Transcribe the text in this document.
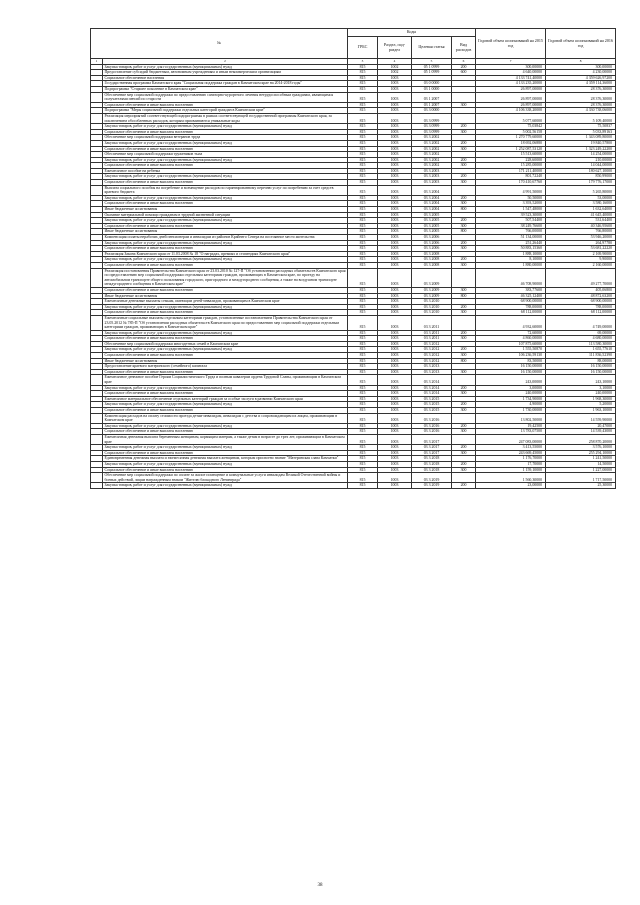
№		Коды				Годовой объем ассигнований на 2015 год	Годовой объем ассигнований на 2016 год
		ГРБС	Раздел, под-раздел	Целевая статья	Вид расходов		
1	2	3	4	5	6	7	8
	Закупка товаров, работ и услуг для государственных (муниципальных) нужд	815	1002	05 1 0999	200	300,00000	300,00000
	Предоставление субсидий бюджетным, автономным учреждениям и иным некоммерческим организациям	815	1002	05 1 0999	600	4 640,00000	4 230,00000
	Социальное обеспечение населения	815	1003			4 133 741,40000	4 359 626,97200
	Государственная программа Камчатского края "Социальная поддержка граждан в Камчатском крае на 2014-2018 годы"	815	1003	03 0 0000		4 133 235,20000	4 359 114,36000
	Подпрограмма "Старшее поколение в Камчатском крае"	815	1003	03 1 0000		26 897,00000	28 376,30000
	Обеспечение мер социальной поддержки по предоставлению санаторно-курортного лечения нетрудоспособным гражданам, являющимся получателями пенсий по старости	815	1003	03 1 2007		26 897,00000	28 376,30000
	Социальное обеспечение и иные выплаты населению	815	1003	03 1 2007	300	26 897,00000	28 376,30000
	Подпрограмма "Меры социальной поддержки отдельных категорий граждан в Камчатском крае"	815	1003	03 3 0000		4 106 338,20000	4 330 738,06000
	Реализация мероприятий соответствующей подпрограммы в рамках соответствующей государственной программы Камчатского края, за исключением обособленных расходов, которым присваиваются уникальные коды	815	1003	03 3 0999		5 077,60000	5 109,40000
	Закупка товаров, работ и услуг для государственных (муниципальных) нужд	815	1003	03 3 0999	200	75,03842	75,50837
	Социальное обеспечение и иные выплаты населению	815	1003	03 3 0999	300	5 002,56158	5 033,89163
	Обеспечение мер социальной поддержки ветеранов труда	815	1003	03 3 2002		1 270 779,60000	1 343 089,80000
	Закупка товаров, работ и услуг для государственных (муниципальных) нужд	815	1003	03 3 2002	200	18 692,06880	19 840,57800
	Социальное обеспечение и иные выплаты населению	815	1003	03 3 2002	300	1 252 087,53120	1 323 249,22200
	Обеспечение мер социальной поддержки тружеников тыла	815	1003	03 3 2002		15 513,60000	14 254,00000
	Закупка товаров, работ и услуг для государственных (муниципальных) нужд	815	1003	03 3 2002	200	228,60000	210,00000
	Социальное обеспечение и иные выплаты населению	815	1003	03 3 2002	300	15 285,00000	14 044,00000
	Ежемесячное пособие на ребенка	815	1003	03 3 2003		171 211,40000	180 627,10000
	Закупка товаров, работ и услуг для государственных (муниципальных) нужд	815	1003	03 3 2003	200	801,72240	850,99000
	Социальное обеспечение и иные выплаты населению	815	1003	03 3 2003	300	170 410,67760	179 776,17000
	Выплата социального пособия на погребение и возмещение расходов по гарантированному перечню услуг по погребению за счет средств краевого бюджета	815	1003	03 3 2004		4 991,50000	5 265,80000
	Закупка товаров, работ и услуг для государственных (муниципальных) нужд	815	1003	03 3 2004	200	50,50000	53,00000
	Социальное обеспечение и иные выплаты населению	815	1003	03 3 2004	300	3 393,52000	3 580,16000
	Иные бюджетные ассигнования	815	1003	03 3 2004	800	1 547,48000	1 632,64000
	Оказание материальной помощи гражданам в трудной жизненной ситуации	815	1003	03 3 2005		39 523,30000	41 645,40000
	Закупка товаров, работ и услуг для государственных (муниципальных) нужд	815	1003	03 3 2005	200	507,54400	531,64400
	Социальное обеспечение и иные выплаты населению	815	1003	03 3 2005	300	38 249,76600	40 346,95600
	Иные бюджетные ассигнования	815	1003	03 3 2005	800	766,00000	766,80000
	Компенсация оплаты нерабочих дней пенсионерам и инвалидам из районов Крайнего Севера на постоянное место жительства	815	1003	03 3 2006		51 134,00000	53 946,20000
	Закупка товаров, работ и услуг для государственных (муниципальных) нужд	815	1003	03 3 2006	200	251,26440	264,97780
	Социальное обеспечение и иные выплаты населению	815	1003	03 3 2006	300	50 883,15360	53 681,22220
	Реализация Закона Камчатского края от 11.03.2008 № 18 "О наградах, премиях и стипендиях Камчатского края"	815	1003	03 3 2008		1 888,10000	2 169,90000
	Закупка товаров, работ и услуг для государственных (муниципальных) нужд	815	1003	03 3 2008	200	8,10000	9,90000
	Социальное обеспечение и иные выплаты населению	815	1003	03 3 2008	300	1 880,00000	2 160,00000
	Реализация постановления Правительства Камчатского края от 23.03.2010 № 127-П "Об установлении расходных обязательств Камчатского края по предоставлению мер социальной поддержки отдельным категориям граждан, проживающих в Камчатском крае, по проезду на автомобильном транспорте общего пользования городского, пригородного и междугороднего сообщения, а также на воздушном транспорте междугороднего сообщения в Камчатском крае"	815	1003	03 3 2009		46 708,90000	49 277,70000
	Социальное обеспечение и иные выплаты населению	815	1003	03 3 2009	300	383,77600	405,06800
	Иные бюджетные ассигнования	815	1003	03 3 2009	800	46 325,12400	48 872,63200
	Ежемесячные денежные выплаты семьям, имеющим детей-инвалидов, проживающим в Камчатском крае	815	1003	03 3 2010		68 900,00000	68 900,00000
	Закупка товаров, работ и услуг для государственных (муниципальных) нужд	815	1003	03 3 2010	200	788,00000	788,00000
	Социальное обеспечение и иные выплаты населению	815	1003	03 3 2010	300	68 112,00000	68 112,00000
	Ежемесячные социальные выплаты отдельным категориям граждан, установленные постановлением Правительства Камчатского края от 23.05.2012 № 785-П "Об установлении расходных обязательств Камчатского края по предоставлению мер социальной поддержки отдельным категориям граждан, проживающих в Камчатском крае"	815	1003	03 3 2011		4 932,60000	4 749,00000
	Закупка товаров, работ и услуг для государственных (муниципальных) нужд	815	1003	03 3 2011	200	72,60000	69,00000
	Социальное обеспечение и иные выплаты населению	815	1003	03 3 2011	300	4 860,00000	4 680,00000
	Обеспечение мер социальной поддержки многодетных семей в Камчатском крае	815	1003	03 3 2012		107 875,60000	113 580,30000
	Закупка товаров, работ и услуг для государственных (муниципальных) нужд	815	1003	03 3 2012	200	1 555,50870	1 655,77610
	Социальное обеспечение и иные выплаты населению	815	1003	03 3 2012	300	106 236,59130	111 836,52390
	Иные бюджетные ассигнования	815	1003	03 3 2012	800	83,50000	88,00000
	Предоставление краевого материнского (семейного) капитала	815	1003	03 3 2013		16 150,00000	16 150,00000
	Социальное обеспечение и иные выплаты населению	815	1003	03 3 2013	300	16 150,00000	16 150,00000
	Ежемесячное денежное пособие Героям Социалистического Труда и полным кавалерам ордена Трудовой Славы, проживающим в Камчатском крае	815	1003	03 3 2014		243,00000	243,10000
	Закупка товаров, работ и услуг для государственных (муниципальных) нужд	815	1003	03 3 2014	200	3,00000	3,10000
	Социальное обеспечение и иные выплаты населению	815	1003	03 3 2014	300	240,00000	240,00000
	Ежемесячное материальное обеспечение отдельных категорий граждан за особые заслуги в развитии Камчатского края	815	1003	03 3 2015		1 734,90000	1 968,30000
	Закупка товаров, работ и услуг для государственных (муниципальных) нужд	815	1003	03 3 2015	200	4,90000	5,20000
	Социальное обеспечение и иные выплаты населению	815	1003	03 3 2015	300	1 730,00000	1 963,10000
	Компенсация расходов на оплату стоимости проезда детям-инвалидам, инвалидам с детства и сопровождающим их лицам, проживающим в Камчатском крае	815	1003	03 3 2016		13 802,50000	14 559,90000
	Закупка товаров, работ и услуг для государственных (муниципальных) нужд	815	1003	03 3 2016	200	19,42500	20,47000
	Социальное обеспечение и иные выплаты населению	815	1003	03 3 2016	300	13 783,07500	14 539,43000
	Ежемесячная денежная выплата беременным женщинам, кормящим матерям, а также детям в возрасте до трех лет, проживающим в Камчатском крае	815	1003	03 3 2017		247 083,00000	258 870,20000
	Закупка товаров, работ и услуг для государственных (муниципальных) нужд	815	1003	03 3 2017	200	3 413,55000	3 576,10000
	Социальное обеспечение и иные выплаты населению	815	1003	03 3 2017	300	243 669,45000	255 294,10000
	Единовременная денежная выплата и ежемесячная денежная выплата женщинам, которым присвоено звание "Материнская слава Камчатки"	815	1003	03 3 2018		1 176,70000	1 241,50000
	Закупка товаров, работ и услуг для государственных (муниципальных) нужд	815	1003	03 3 2018	200	17,70000	14,50000
	Социальное обеспечение и иные выплаты населению	815	1003	03 3 2018	300	1 159,10000	1 227,00000
	Обеспечение мер социальной поддержки по оплате за жилое помещение и коммунальные услуги инвалидам Великой Отечественной войны и боевых действий, лицам награжденным знаком "Жителю блокадного Ленинграда"	815	1003	03 3 2019		1 560,30000	1 717,50000
	Закупка товаров, работ и услуг для государственных (муниципальных) нужд	815	1003	03 3 2019	200	23,00000	25,30000
38
